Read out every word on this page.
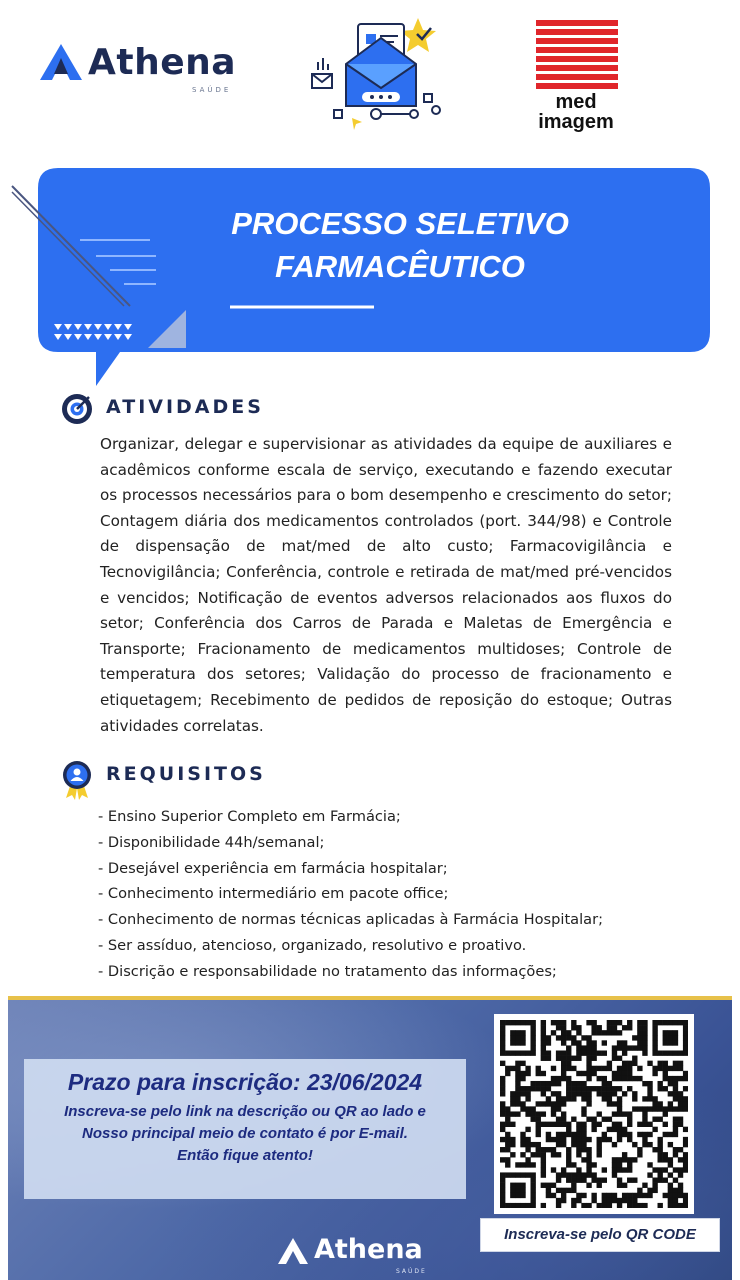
Athena
SAÚDE
med
imagem
PROCESSO SELETIVO
FARMACÊUTICO
ATIVIDADES

Organizar, delegar e supervisionar as atividades da equipe de auxiliares e acadêmicos conforme escala de serviço, executando e fazendo executar os processos necessários para o bom desempenho e crescimento do setor; Contagem diária dos medicamentos controlados (port. 344/98) e Controle de dispensação de mat/med de alto custo; Farmacovigilância e Tecnovigilância; Conferência, controle e retirada de mat/med pré-vencidos e vencidos; Notificação de eventos adversos relacionados aos fluxos do setor; Conferência dos Carros de Parada e Maletas de Emergência e Transporte; Fracionamento de medicamentos multidoses; Controle de temperatura dos setores; Validação do processo de fracionamento e etiquetagem; Recebimento de pedidos de reposição do estoque; Outras atividades correlatas.

REQUISITOS
- Ensino Superior Completo em Farmácia;
- Disponibilidade 44h/semanal;
- Desejável experiência em farmácia hospitalar;
- Conhecimento intermediário em pacote office;
- Conhecimento de normas técnicas aplicadas à Farmácia Hospitalar;
- Ser assíduo, atencioso, organizado, resolutivo e proativo.
- Discrição e responsabilidade no tratamento das informações;
Prazo para inscrição: 23/06/2024
Inscreva-se pelo link na descrição ou QR ao lado e
Nosso principal meio de contato é por E-mail.
Então fique atento!
Inscreva-se pelo QR CODE
Athena
SAÚDE
